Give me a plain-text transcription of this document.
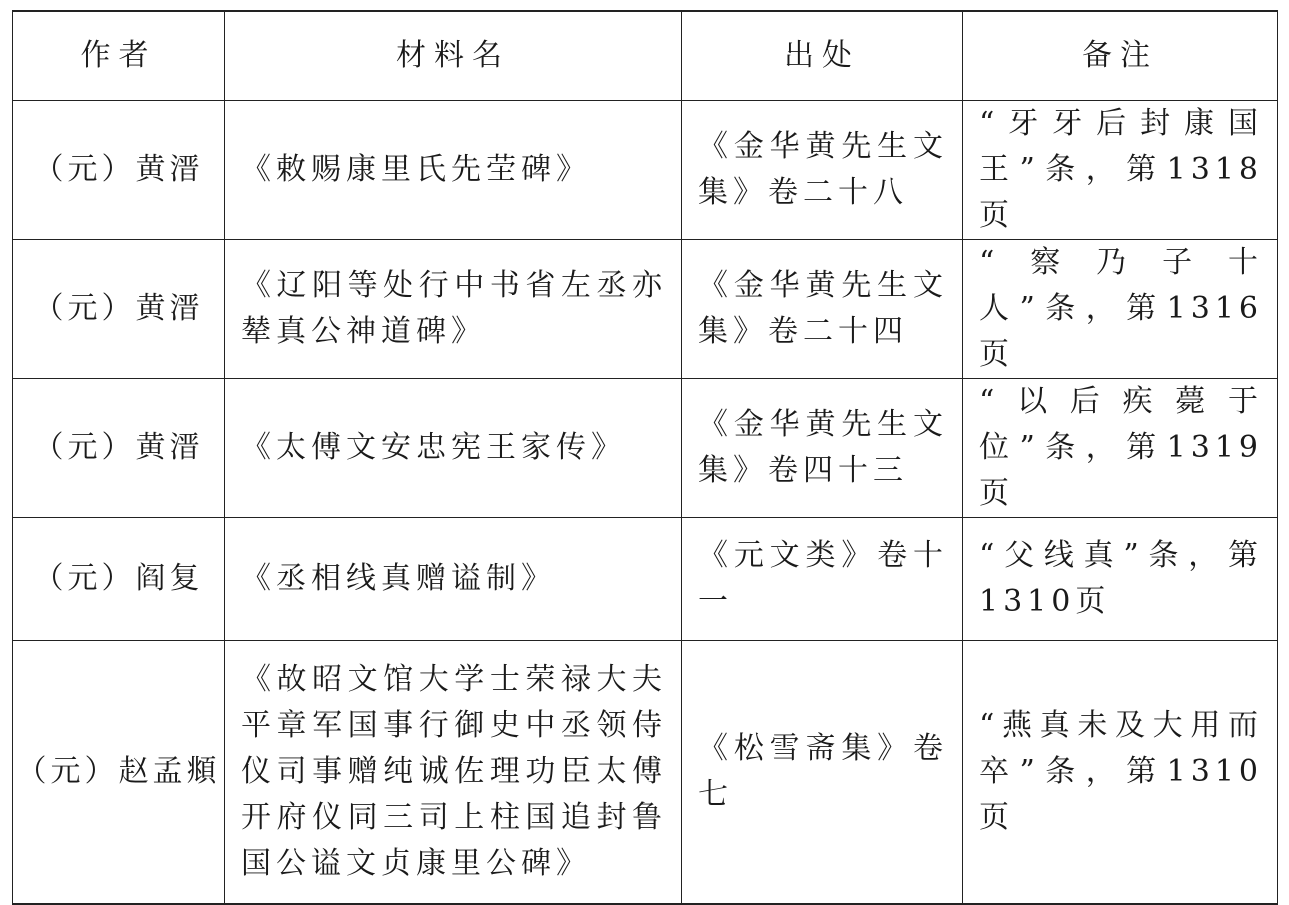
作者	材料名	出处	备注
（元）黄溍	《敕赐康里氏先茔碑》	《金华黄先生文集》卷二十八	“牙牙后封康国王”条，第1318页
（元）黄溍	《辽阳等处行中书省左丞亦辇真公神道碑》	《金华黄先生文集》卷二十四	“察乃子十人”条，第1316页
（元）黄溍	《太傅文安忠宪王家传》	《金华黄先生文集》卷四十三	“以后疾薨于位”条，第1319页
（元）阎复	《丞相线真赠谥制》	《元文类》卷十一	“父线真”条，第1310页
（元）赵孟頫	《故昭文馆大学士荣禄大夫平章军国事行御史中丞领侍仪司事赠纯诚佐理功臣太傅开府仪同三司上柱国追封鲁国公谥文贞康里公碑》	《松雪斋集》卷七	“燕真未及大用而卒”条，第1310页
